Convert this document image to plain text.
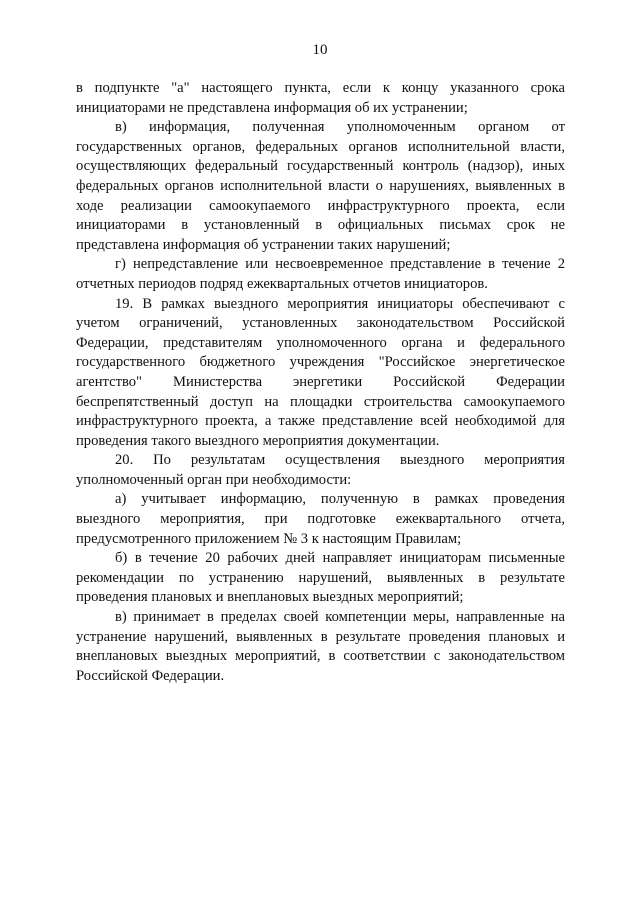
10

в подпункте "а" настоящего пункта, если к концу указанного срока инициаторами не представлена информация об их устранении;

в) информация, полученная уполномоченным органом от государственных органов, федеральных органов исполнительной власти, осуществляющих федеральный государственный контроль (надзор), иных федеральных органов исполнительной власти о нарушениях, выявленных в ходе реализации самоокупаемого инфраструктурного проекта, если инициаторами в установленный в официальных письмах срок не представлена информация об устранении таких нарушений;

г) непредставление или несвоевременное представление в течение 2 отчетных периодов подряд ежеквартальных отчетов инициаторов.

19. В рамках выездного мероприятия инициаторы обеспечивают с учетом ограничений, установленных законодательством Российской Федерации, представителям уполномоченного органа и федерального государственного бюджетного учреждения "Российское энергетическое агентство" Министерства энергетики Российской Федерации беспрепятственный доступ на площадки строительства самоокупаемого инфраструктурного проекта, а также представление всей необходимой для проведения такого выездного мероприятия документации.

20. По результатам осуществления выездного мероприятия уполномоченный орган при необходимости:

а) учитывает информацию, полученную в рамках проведения выездного мероприятия, при подготовке ежеквартального отчета, предусмотренного приложением № 3 к настоящим Правилам;

б) в течение 20 рабочих дней направляет инициаторам письменные рекомендации по устранению нарушений, выявленных в результате проведения плановых и внеплановых выездных мероприятий;

в) принимает в пределах своей компетенции меры, направленные на устранение нарушений, выявленных в результате проведения плановых и внеплановых выездных мероприятий, в соответствии с законодательством Российской Федерации.
